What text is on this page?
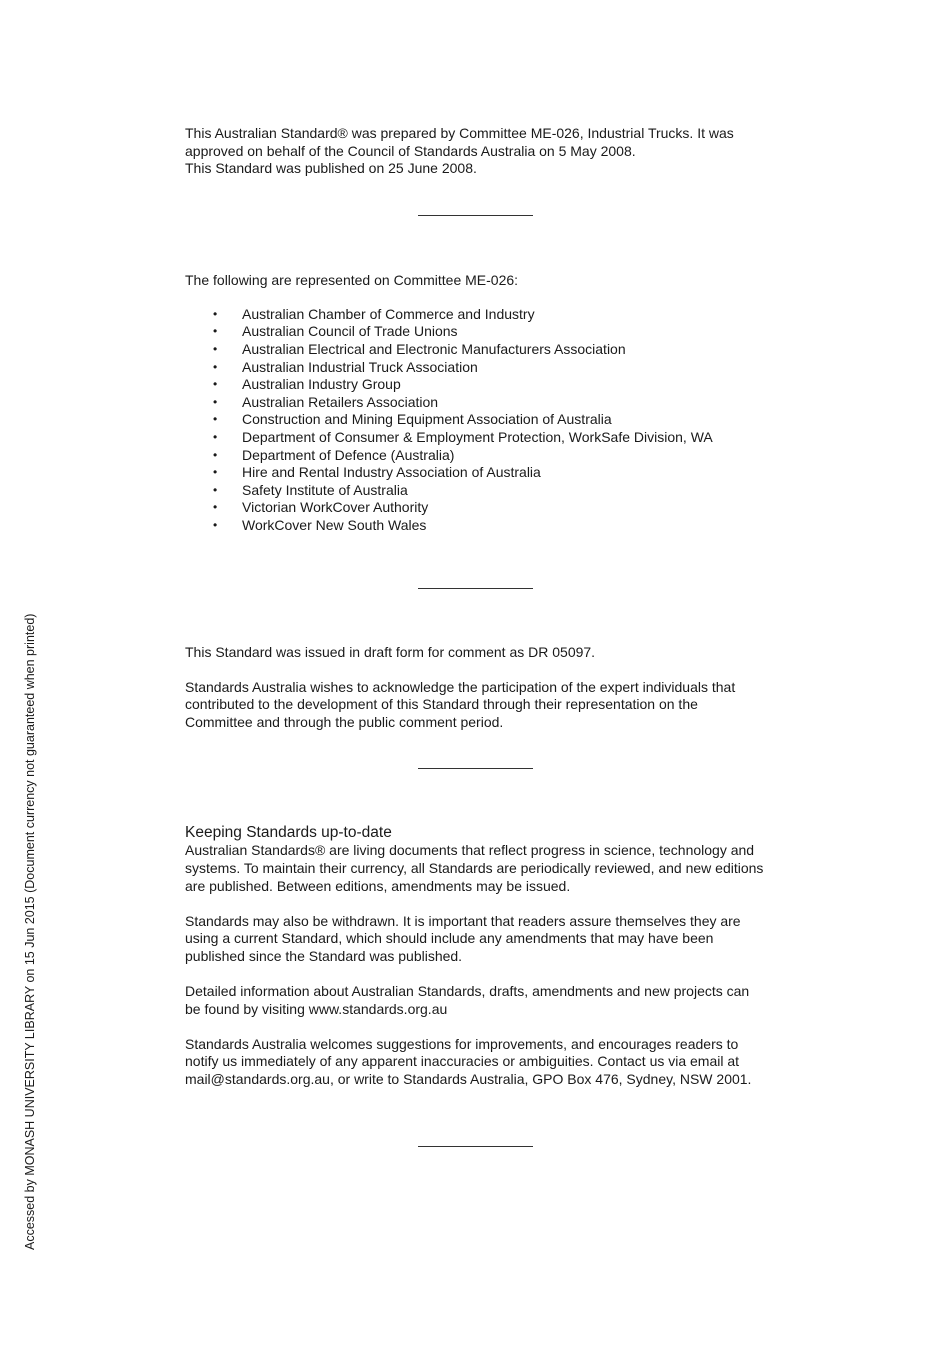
This Australian Standard® was prepared by Committee ME-026, Industrial Trucks. It was
approved on behalf of the Council of Standards Australia on 5 May 2008.
This Standard was published on 25 June 2008.

The following are represented on Committee ME-026:

• Australian Chamber of Commerce and Industry
• Australian Council of Trade Unions
• Australian Electrical and Electronic Manufacturers Association
• Australian Industrial Truck Association
• Australian Industry Group
• Australian Retailers Association
• Construction and Mining Equipment Association of Australia
• Department of Consumer & Employment Protection, WorkSafe Division, WA
• Department of Defence (Australia)
• Hire and Rental Industry Association of Australia
• Safety Institute of Australia
• Victorian WorkCover Authority
• WorkCover New South Wales

This Standard was issued in draft form for comment as DR 05097.

Standards Australia wishes to acknowledge the participation of the expert individuals that
contributed to the development of this Standard through their representation on the
Committee and through the public comment period.

Keeping Standards up-to-date

Australian Standards® are living documents that reflect progress in science, technology and
systems. To maintain their currency, all Standards are periodically reviewed, and new editions
are published. Between editions, amendments may be issued.

Standards may also be withdrawn. It is important that readers assure themselves they are
using a current Standard, which should include any amendments that may have been
published since the Standard was published.

Detailed information about Australian Standards, drafts, amendments and new projects can
be found by visiting www.standards.org.au

Standards Australia welcomes suggestions for improvements, and encourages readers to
notify us immediately of any apparent inaccuracies or ambiguities. Contact us via email at
mail@standards.org.au, or write to Standards Australia, GPO Box 476, Sydney, NSW 2001.

Accessed by MONASH UNIVERSITY LIBRARY on 15 Jun 2015 (Document currency not guaranteed when printed)
